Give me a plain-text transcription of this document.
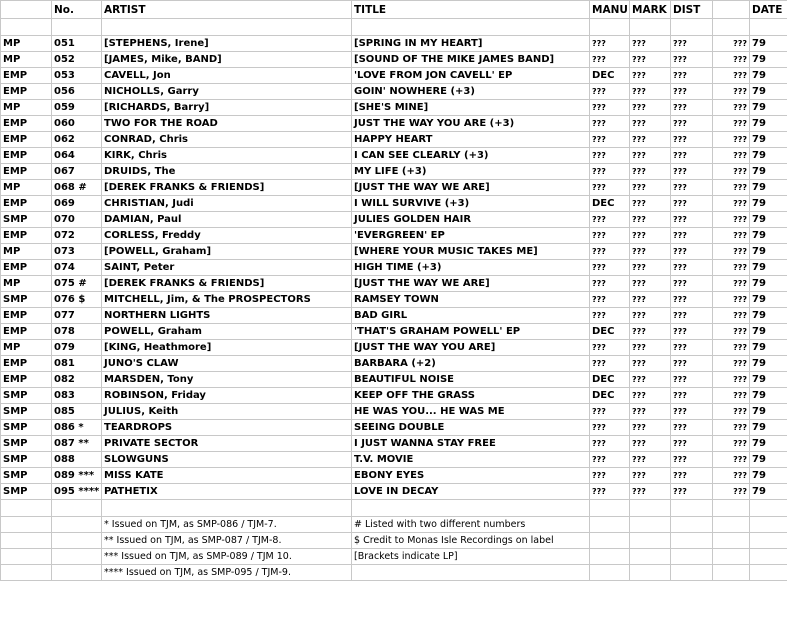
	No.	ARTIST	TITLE	MANU	MARK	DIST		DATE

MP	051	[STEPHENS, Irene]	[SPRING IN MY HEART]	???	???	???	???	79
MP	052	[JAMES, Mike, BAND]	[SOUND OF THE MIKE JAMES BAND]	???	???	???	???	79
EMP	053	CAVELL, Jon	'LOVE FROM JON CAVELL' EP	DEC	???	???	???	79
EMP	056	NICHOLLS, Garry	GOIN' NOWHERE (+3)	???	???	???	???	79
MP	059	[RICHARDS, Barry]	[SHE'S MINE]	???	???	???	???	79
EMP	060	TWO FOR THE ROAD	JUST THE WAY YOU ARE (+3)	???	???	???	???	79
EMP	062	CONRAD, Chris	HAPPY HEART	???	???	???	???	79
EMP	064	KIRK, Chris	I CAN SEE CLEARLY (+3)	???	???	???	???	79
EMP	067	DRUIDS, The	MY LIFE (+3)	???	???	???	???	79
MP	068 #	[DEREK FRANKS & FRIENDS]	[JUST THE WAY WE ARE]	???	???	???	???	79
EMP	069	CHRISTIAN, Judi	I WILL SURVIVE (+3)	DEC	???	???	???	79
SMP	070	DAMIAN, Paul	JULIES GOLDEN HAIR	???	???	???	???	79
EMP	072	CORLESS, Freddy	'EVERGREEN' EP	???	???	???	???	79
MP	073	[POWELL, Graham]	[WHERE YOUR MUSIC TAKES ME]	???	???	???	???	79
EMP	074	SAINT, Peter	HIGH TIME (+3)	???	???	???	???	79
MP	075 #	[DEREK FRANKS & FRIENDS]	[JUST THE WAY WE ARE]	???	???	???	???	79
SMP	076 $	MITCHELL, Jim, & The PROSPECTORS	RAMSEY TOWN	???	???	???	???	79
EMP	077	NORTHERN LIGHTS	BAD GIRL	???	???	???	???	79
EMP	078	POWELL, Graham	'THAT'S GRAHAM POWELL' EP	DEC	???	???	???	79
MP	079	[KING, Heathmore]	[JUST THE WAY YOU ARE]	???	???	???	???	79
EMP	081	JUNO'S CLAW	BARBARA (+2)	???	???	???	???	79
EMP	082	MARSDEN, Tony	BEAUTIFUL NOISE	DEC	???	???	???	79
SMP	083	ROBINSON, Friday	KEEP OFF THE GRASS	DEC	???	???	???	79
SMP	085	JULIUS, Keith	HE WAS YOU... HE WAS ME	???	???	???	???	79
SMP	086 *	TEARDROPS	SEEING DOUBLE	???	???	???	???	79
SMP	087 **	PRIVATE SECTOR	I JUST WANNA STAY FREE	???	???	???	???	79
SMP	088	SLOWGUNS	T.V. MOVIE	???	???	???	???	79
SMP	089 ***	MISS KATE	EBONY EYES	???	???	???	???	79
SMP	095 ****	PATHETIX	LOVE IN DECAY	???	???	???	???	79

		* Issued on TJM, as SMP-086 / TJM-7.	# Listed with two different numbers					
		** Issued on TJM, as SMP-087 / TJM-8.	$ Credit to Monas Isle Recordings on label					
		*** Issued on TJM, as SMP-089 / TJM 10.	[Brackets indicate LP]					
		**** Issued on TJM, as SMP-095 / TJM-9.						
